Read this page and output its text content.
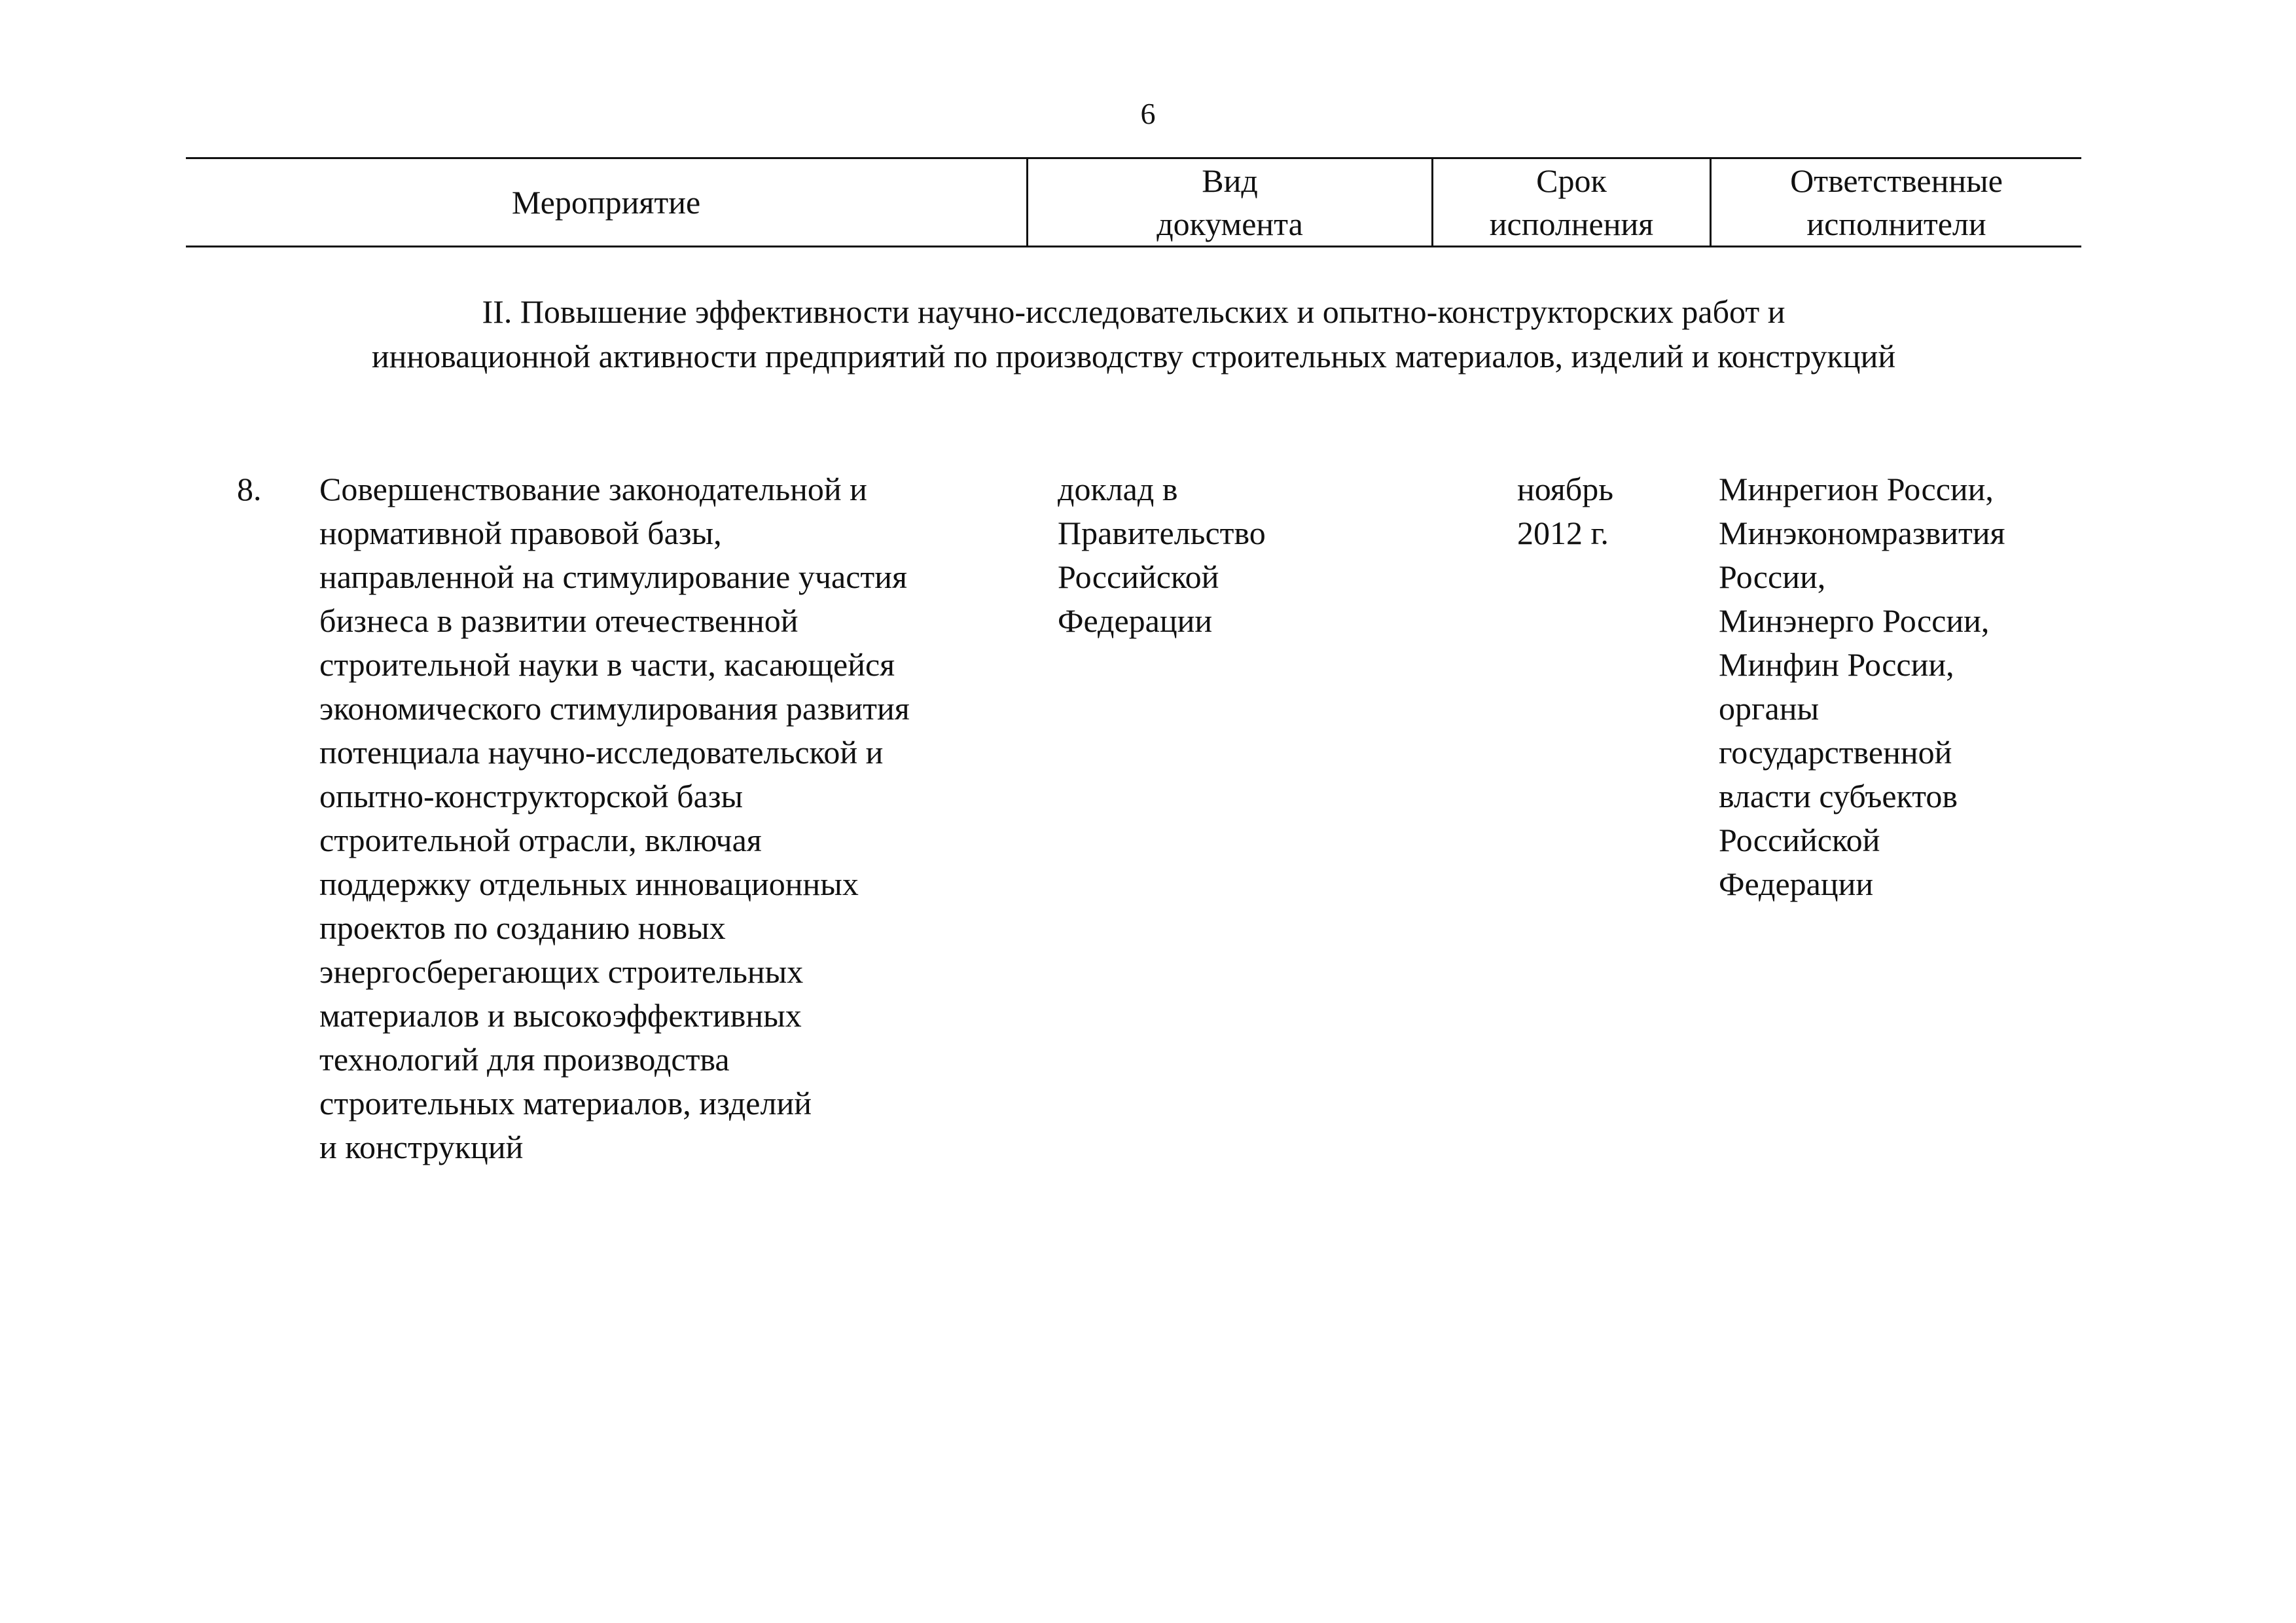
6
Мероприятие
Вид
документа
Срок
исполнения
Ответственные
исполнители
II. Повышение эффективности научно-исследовательских и опытно-конструкторских работ и
инновационной активности предприятий по производству строительных материалов, изделий и конструкций
8.	Совершенствование законодательной и
нормативной правовой базы,
направленной на стимулирование участия
бизнеса в развитии отечественной
строительной науки в части, касающейся
экономического стимулирования развития
потенциала научно-исследовательской и
опытно-конструкторской базы
строительной отрасли, включая
поддержку отдельных инновационных
проектов по созданию новых
энергосберегающих строительных
материалов и высокоэффективных
технологий для производства
строительных материалов, изделий
и конструкций
доклад в
Правительство
Российской
Федерации
ноябрь
2012 г.
Минрегион России,
Минэкономразвития
России,
Минэнерго России,
Минфин России,
органы
государственной
власти субъектов
Российской
Федерации
